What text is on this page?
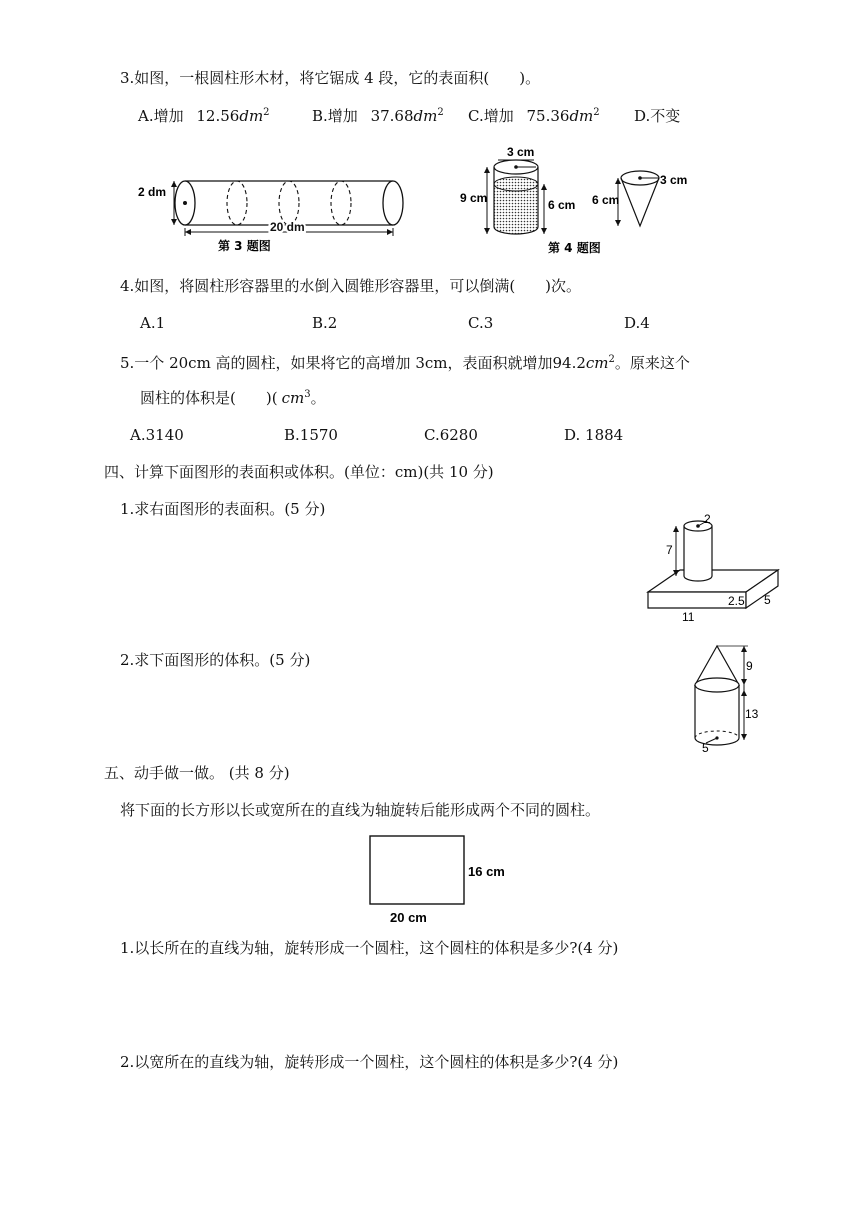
3.如图，一根圆柱形木材，将它锯成 4 段，它的表面积(　　)。
A.增加 $12.56dm^2$	B.增加 $37.68dm^2$ C.增加 $75.36dm^2$ D.不变
2 dm
20 dm
第 3 题图
3 cm
9 cm	6 cm
3 cm
6 cm
第 4 题图
4.如图，将圆柱形容器里的水倒入圆锥形容器里，可以倒满(　　)次。
A.1	B.2	C.3	D.4
5.一个 20cm 高的圆柱，如果将它的高增加 3cm，表面积就增加$94.2cm^2$。原来这个
圆柱的体积是(　　)( $cm^3$。
A.3140	B.1570	C.6280	D. 1884
四、计算下面图形的表面积或体积。(单位：cm)(共 10 分)
1.求右面图形的表面积。(5 分)
2
7
2.5 5
11
2.求下面图形的体积。(5 分)
5
9
13
五、动手做一做。 (共 8 分)
将下面的长方形以长或宽所在的直线为轴旋转后能形成两个不同的圆柱。
16 cm
20 cm
1.以长所在的直线为轴，旋转形成一个圆柱，这个圆柱的体积是多少?(4 分)
2.以宽所在的直线为轴，旋转形成一个圆柱，这个圆柱的体积是多少?(4 分)
